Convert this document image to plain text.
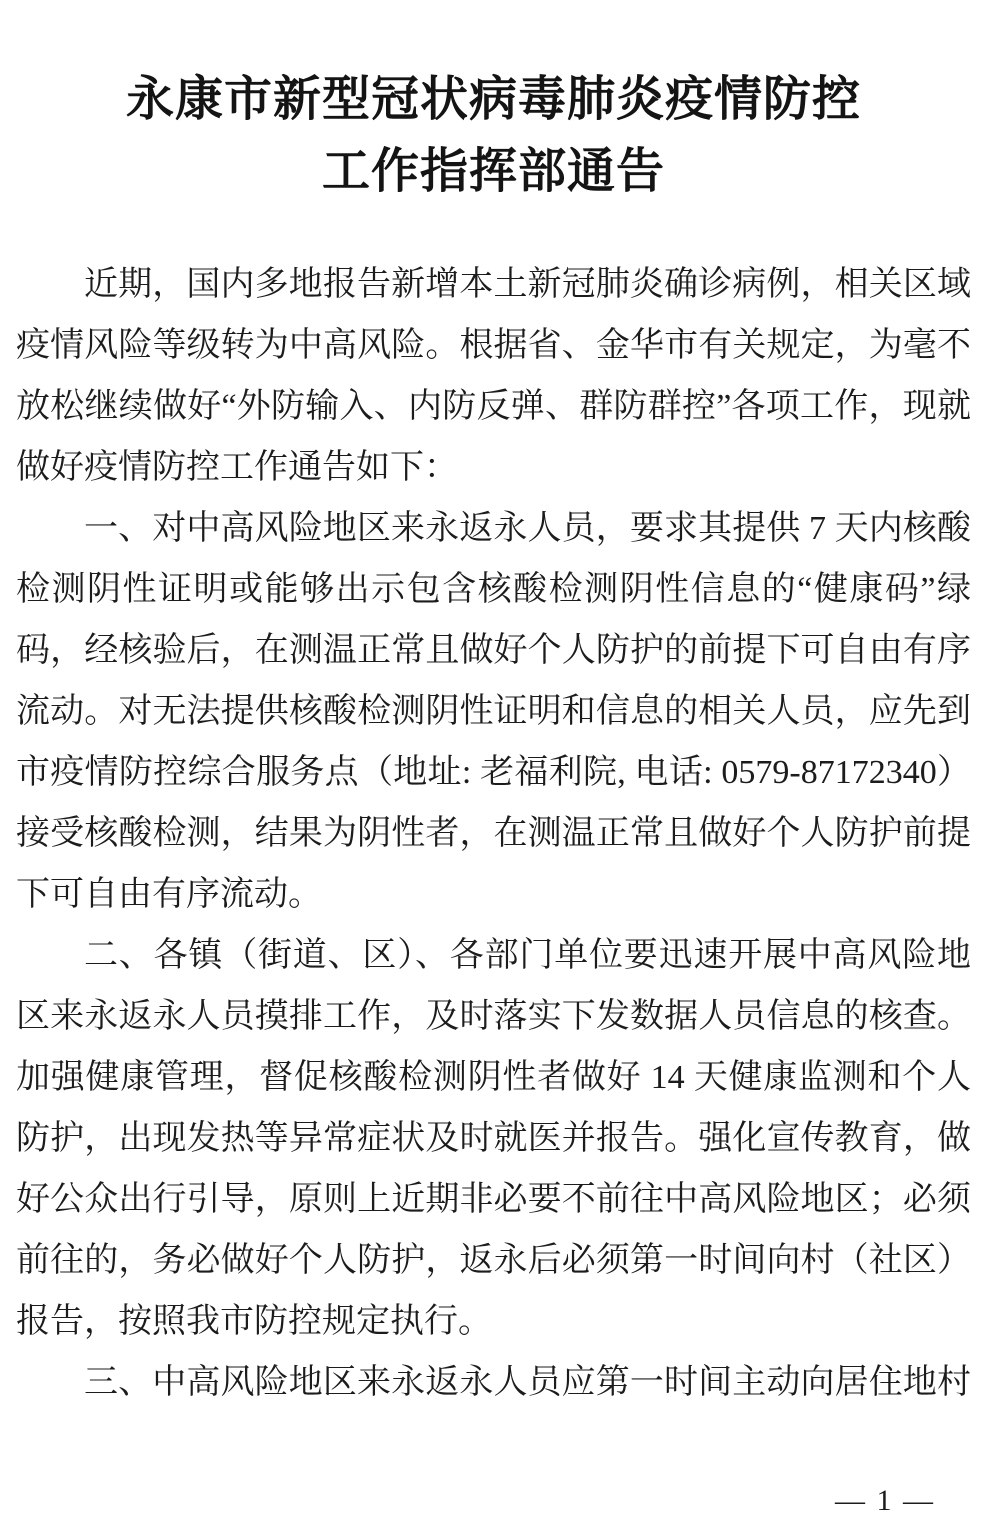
永康市新型冠状病毒肺炎疫情防控
工作指挥部通告

近期，国内多地报告新增本土新冠肺炎确诊病例，相关区域疫情风险等级转为中高风险。根据省、金华市有关规定，为毫不放松继续做好“外防输入、内防反弹、群防群控”各项工作，现就做好疫情防控工作通告如下：

一、对中高风险地区来永返永人员，要求其提供 7 天内核酸检测阴性证明或能够出示包含核酸检测阴性信息的“健康码”绿码，经核验后，在测温正常且做好个人防护的前提下可自由有序流动。对无法提供核酸检测阴性证明和信息的相关人员，应先到市疫情防控综合服务点（地址: 老福利院, 电话: 0579-87172340）接受核酸检测，结果为阴性者，在测温正常且做好个人防护前提下可自由有序流动。

二、各镇（街道、区）、各部门单位要迅速开展中高风险地区来永返永人员摸排工作，及时落实下发数据人员信息的核查。加强健康管理，督促核酸检测阴性者做好 14 天健康监测和个人防护，出现发热等异常症状及时就医并报告。强化宣传教育，做好公众出行引导，原则上近期非必要不前往中高风险地区；必须前往的，务必做好个人防护，返永后必须第一时间向村（社区）报告，按照我市防控规定执行。

三、中高风险地区来永返永人员应第一时间主动向居住地村

— 1 —
